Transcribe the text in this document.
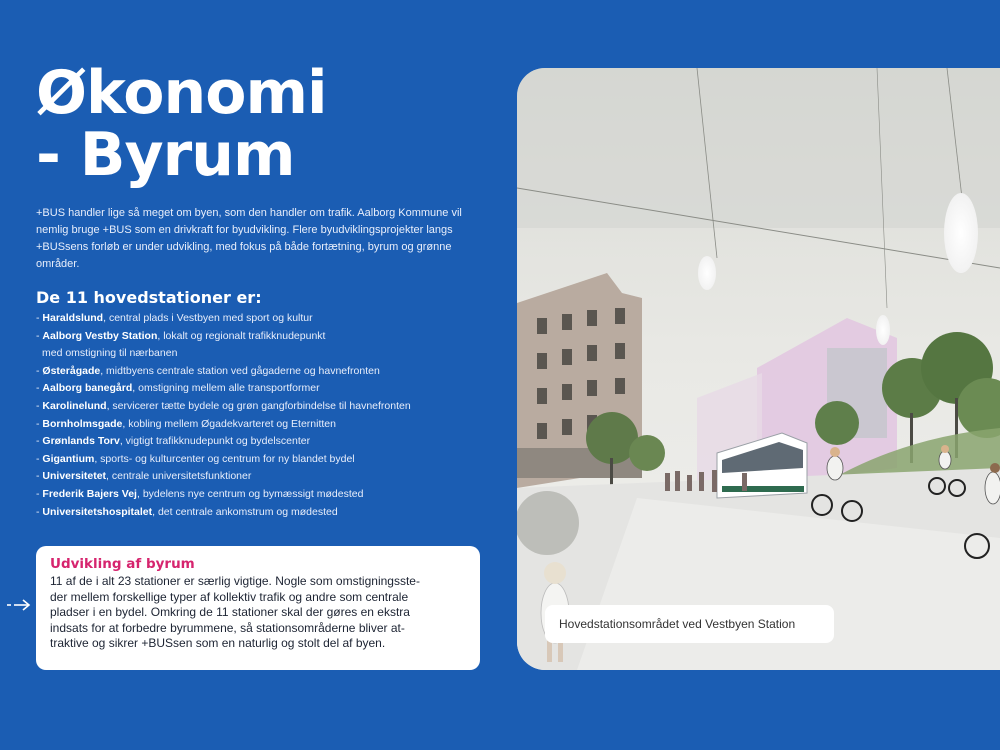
Økonomi
- Byrum

+BUS handler lige så meget om byen, som den handler om trafik. Aalborg Kommune vil nemlig bruge +BUS som en drivkraft for byudvikling. Flere byudviklingsprojekter langs +BUSsens forløb er under udvikling, med fokus på både fortætning, byrum og grønne områder.

De 11 hovedstationer er:
- Haraldslund, central plads i Vestbyen med sport og kultur
- Aalborg Vestby Station, lokalt og regionalt trafikknudepunkt
med omstigning til nærbanen
- Østerågade, midtbyens centrale station ved gågaderne og havnefronten
- Aalborg banegård, omstigning mellem alle transportformer
- Karolinelund, servicerer tætte bydele og grøn gangforbindelse til havnefronten
- Bornholmsgade, kobling mellem Øgadekvarteret og Eternitten
- Grønlands Torv, vigtigt trafikknudepunkt og bydelscenter
- Gigantium, sports- og kulturcenter og centrum for ny blandet bydel
- Universitetet, centrale universitetsfunktioner
- Frederik Bajers Vej, bydelens nye centrum og bymæssigt mødested
- Universitetshospitalet, det centrale ankomstrum og mødested
Udvikling af byrum

11 af de i alt 23 stationer er særlig vigtige. Nogle som omstigningsste-
der mellem forskellige typer af kollektiv trafik og andre som centrale
pladser i en bydel. Omkring de 11 stationer skal der gøres en ekstra
indsats for at forbedre byrummene, så stationsområderne bliver at-
traktive og sikrer +BUSsen som en naturlig og stolt del af byen.

Hovedstationsområdet ved Vestbyen Station
